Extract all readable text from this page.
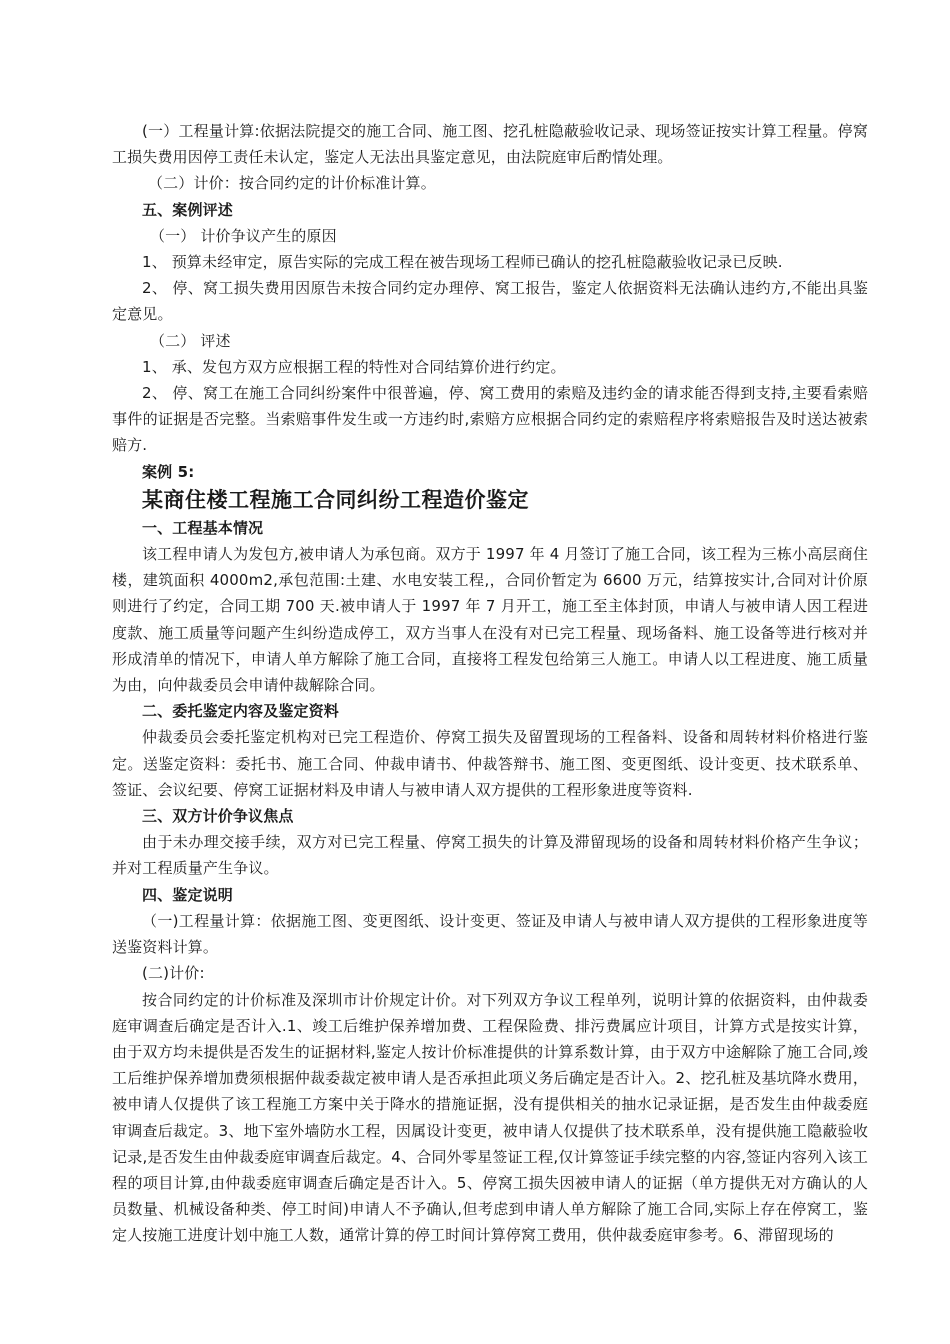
(一）工程量计算:依据法院提交的施工合同、施工图、挖孔桩隐蔽验收记录、现场签证按实计算工程量。停窝工损失费用因停工责任未认定，鉴定人无法出具鉴定意见，由法院庭审后酌情处理。

（二）计价：按合同约定的计价标准计算。

五、案例评述

（一） 计价争议产生的原因

1、 预算未经审定，原告实际的完成工程在被告现场工程师已确认的挖孔桩隐蔽验收记录已反映.

2、 停、窝工损失费用因原告未按合同约定办理停、窝工报告，鉴定人依据资料无法确认违约方,不能出具鉴定意见。

（二） 评述

1、 承、发包方双方应根据工程的特性对合同结算价进行约定。

2、 停、窝工在施工合同纠纷案件中很普遍，停、窝工费用的索赔及违约金的请求能否得到支持,主要看索赔事件的证据是否完整。当索赔事件发生或一方违约时,索赔方应根据合同约定的索赔程序将索赔报告及时送达被索赔方.

案例 5:

某商住楼工程施工合同纠纷工程造价鉴定

一、工程基本情况

该工程申请人为发包方,被申请人为承包商。双方于 1997 年 4 月签订了施工合同，该工程为三栋小高层商住楼，建筑面积 4000m2,承包范围:土建、水电安装工程,，合同价暂定为 6600 万元，结算按实计,合同对计价原则进行了约定，合同工期 700 天.被申请人于 1997 年 7 月开工，施工至主体封顶，申请人与被申请人因工程进度款、施工质量等问题产生纠纷造成停工，双方当事人在没有对已完工程量、现场备料、施工设备等进行核对并形成清单的情况下，申请人单方解除了施工合同，直接将工程发包给第三人施工。申请人以工程进度、施工质量为由，向仲裁委员会申请仲裁解除合同。

二、委托鉴定内容及鉴定资料

仲裁委员会委托鉴定机构对已完工程造价、停窝工损失及留置现场的工程备料、设备和周转材料价格进行鉴定。送鉴定资料：委托书、施工合同、仲裁申请书、仲裁答辩书、施工图、变更图纸、设计变更、技术联系单、签证、会议纪要、停窝工证据材料及申请人与被申请人双方提供的工程形象进度等资料.

三、双方计价争议焦点

由于未办理交接手续，双方对已完工程量、停窝工损失的计算及滞留现场的设备和周转材料价格产生争议；并对工程质量产生争议。

四、鉴定说明

（一)工程量计算：依据施工图、变更图纸、设计变更、签证及申请人与被申请人双方提供的工程形象进度等送鉴资料计算。

(二)计价:

按合同约定的计价标准及深圳市计价规定计价。对下列双方争议工程单列，说明计算的依据资料，由仲裁委庭审调查后确定是否计入.1、竣工后维护保养增加费、工程保险费、排污费属应计项目，计算方式是按实计算，由于双方均未提供是否发生的证据材料,鉴定人按计价标准提供的计算系数计算，由于双方中途解除了施工合同,竣工后维护保养增加费须根据仲裁委裁定被申请人是否承担此项义务后确定是否计入。2、挖孔桩及基坑降水费用，被申请人仅提供了该工程施工方案中关于降水的措施证据，没有提供相关的抽水记录证据，是否发生由仲裁委庭审调查后裁定。3、地下室外墙防水工程，因属设计变更，被申请人仅提供了技术联系单，没有提供施工隐蔽验收记录,是否发生由仲裁委庭审调查后裁定。4、合同外零星签证工程,仅计算签证手续完整的内容,签证内容列入该工程的项目计算,由仲裁委庭审调查后确定是否计入。5、停窝工损失因被申请人的证据（单方提供无对方确认的人员数量、机械设备种类、停工时间)申请人不予确认,但考虑到申请人单方解除了施工合同,实际上存在停窝工，鉴定人按施工进度计划中施工人数，通常计算的停工时间计算停窝工费用，供仲裁委庭审参考。6、滞留现场的
